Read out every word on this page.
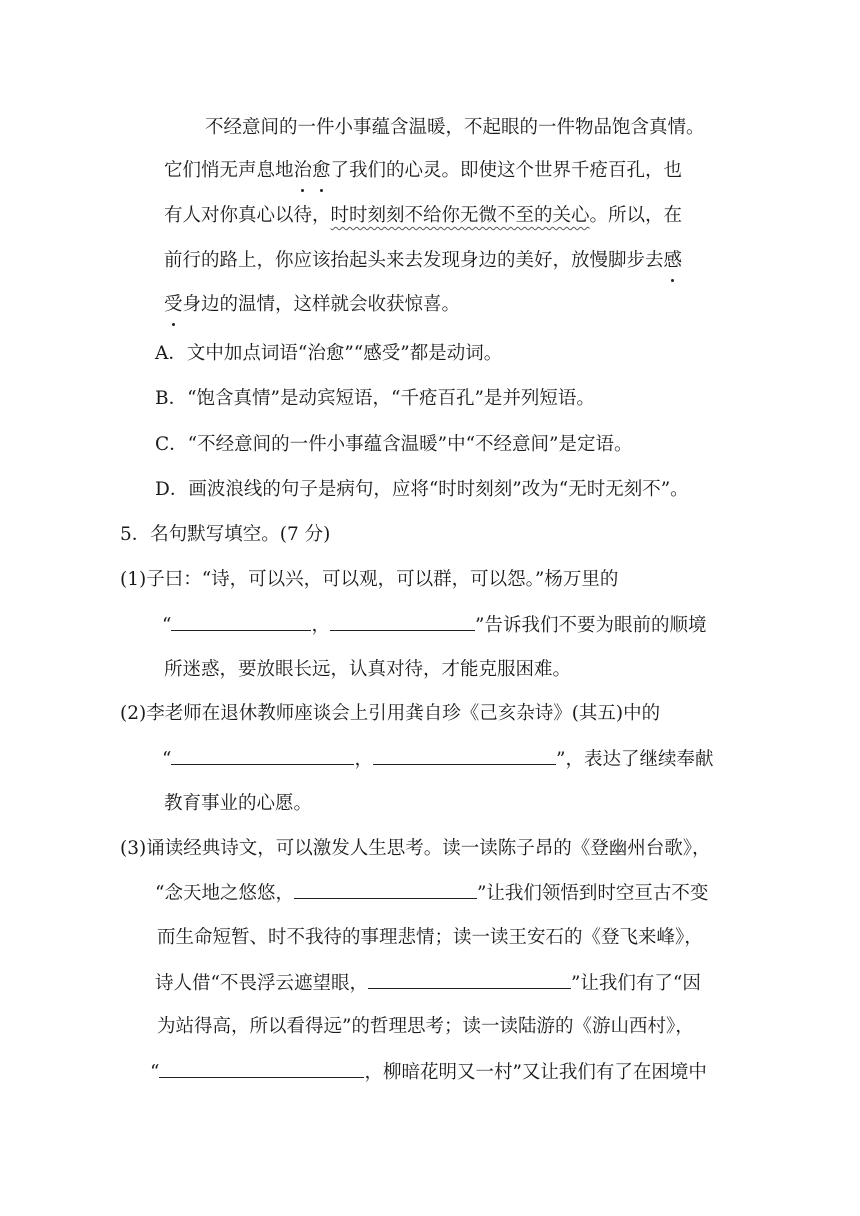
不经意间的一件小事蕴含温暖，不起眼的一件物品饱含真情。
它们悄无声息地治愈了我们的心灵。即使这个世界千疮百孔，也
有人对你真心以待，时时刻刻不给你无微不至的关心。所以，在
前行的路上，你应该抬起头来去发现身边的美好，放慢脚步去感
受身边的温情，这样就会收获惊喜。
A．文中加点词语“治愈”“感受”都是动词。
B．“饱含真情”是动宾短语，“千疮百孔”是并列短语。
C．“不经意间的一件小事蕴含温暖”中“不经意间”是定语。
D．画波浪线的句子是病句，应将“时时刻刻”改为“无时无刻不”。
5．名句默写填空。(7 分)
(1)子曰：“诗，可以兴，可以观，可以群，可以怨。”杨万里的
“	，	”告诉我们不要为眼前的顺境
所迷惑，要放眼长远，认真对待，才能克服困难。
(2)李老师在退休教师座谈会上引用龚自珍《己亥杂诗》(其五)中的
“	，	”，表达了继续奉献
教育事业的心愿。
(3)诵读经典诗文，可以激发人生思考。读一读陈子昂的《登幽州台歌》，
“念天地之悠悠，	”让我们领悟到时空亘古不变
而生命短暂、时不我待的事理悲情；读一读王安石的《登飞来峰》，
诗人借“不畏浮云遮望眼，	”让我们有了“因
为站得高，所以看得远”的哲理思考；读一读陆游的《游山西村》，
“	，柳暗花明又一村”又让我们有了在困境中
